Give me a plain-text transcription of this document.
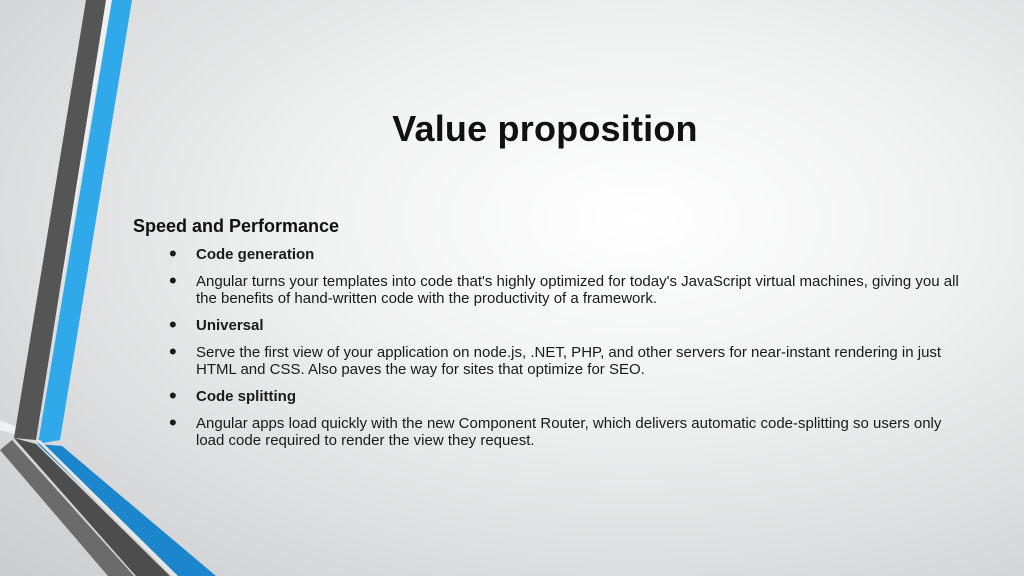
Value proposition
Speed and Performance
• Code generation
• Angular turns your templates into code that's highly optimized for today's JavaScript virtual machines, giving you all the benefits of hand-written code with the productivity of a framework.
• Universal
• Serve the first view of your application on node.js, .NET, PHP, and other servers for near-instant rendering in just HTML and CSS. Also paves the way for sites that optimize for SEO.
• Code splitting
• Angular apps load quickly with the new Component Router, which delivers automatic code-splitting so users only load code required to render the view they request.
